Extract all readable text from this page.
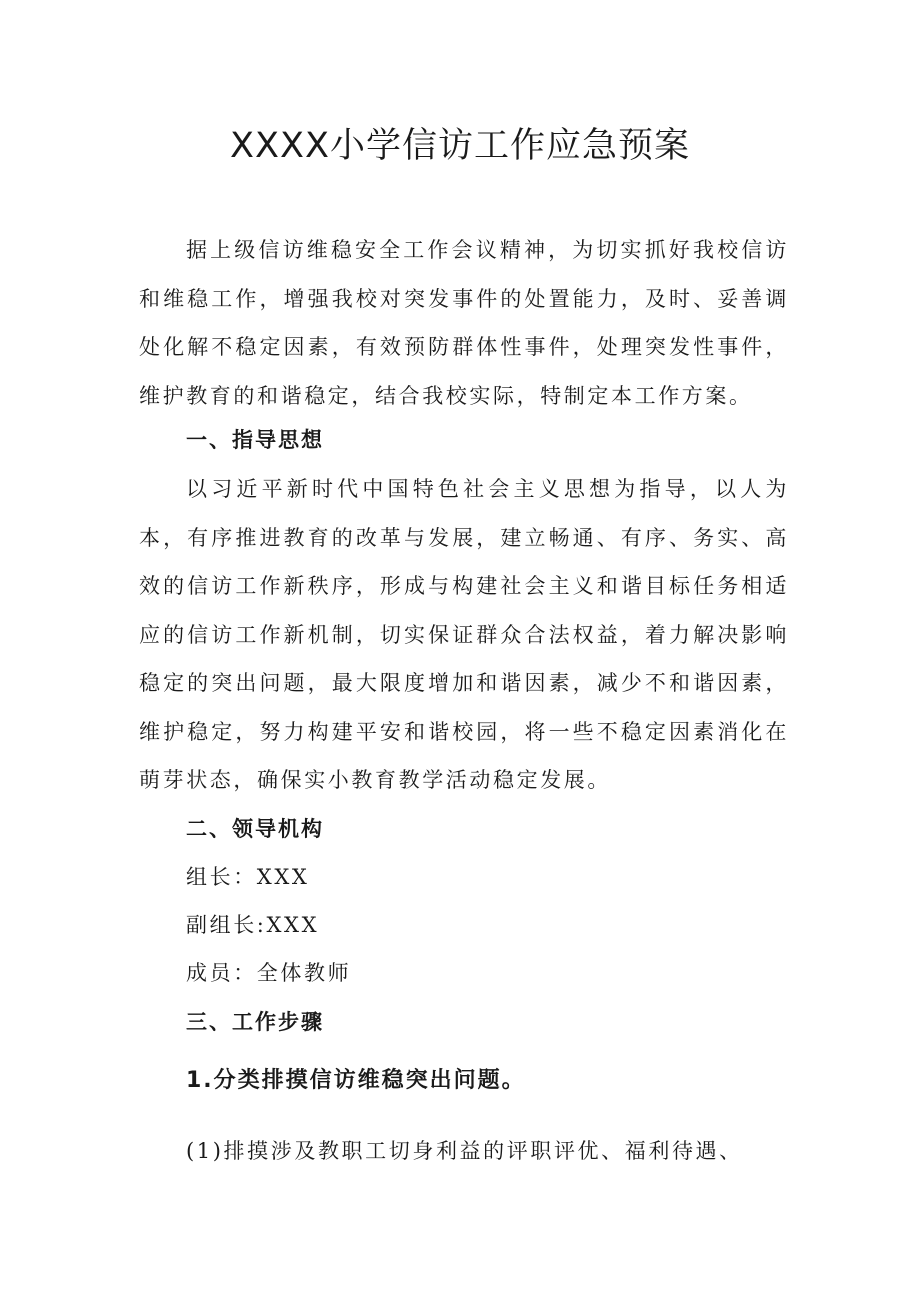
XXXX小学信访工作应急预案

据上级信访维稳安全工作会议精神，为切实抓好我校信访和维稳工作，增强我校对突发事件的处置能力，及时、妥善调处化解不稳定因素，有效预防群体性事件，处理突发性事件，维护教育的和谐稳定，结合我校实际，特制定本工作方案。

一、指导思想

以习近平新时代中国特色社会主义思想为指导，以人为本，有序推进教育的改革与发展，建立畅通、有序、务实、高效的信访工作新秩序，形成与构建社会主义和谐目标任务相适应的信访工作新机制，切实保证群众合法权益，着力解决影响稳定的突出问题，最大限度增加和谐因素，减少不和谐因素，维护稳定，努力构建平安和谐校园，将一些不稳定因素消化在萌芽状态，确保实小教育教学活动稳定发展。

二、领导机构

组长：XXX

副组长:XXX

成员：全体教师

三、工作步骤

1.分类排摸信访维稳突出问题。

(1)排摸涉及教职工切身利益的评职评优、福利待遇、
